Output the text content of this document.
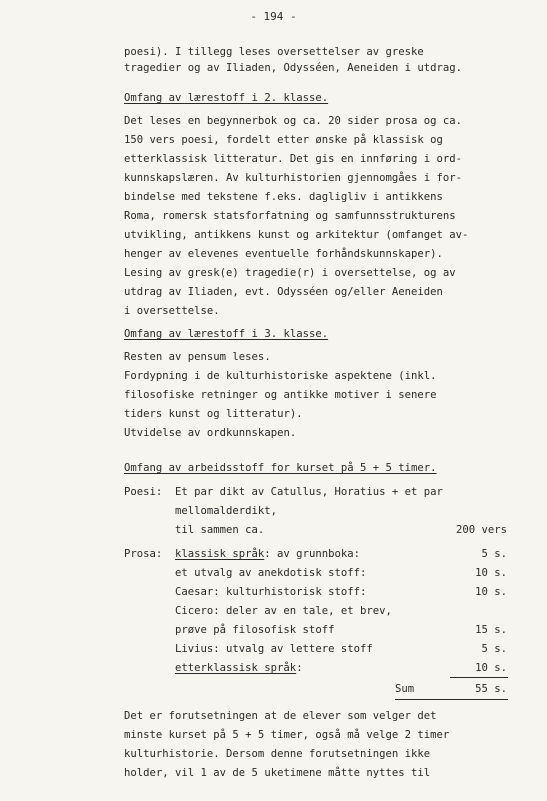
- 194 -
poesi). I tillegg leses oversettelser av greske
tragedier og av Iliaden, Odysséen, Aeneiden i utdrag.
Omfang av lærestoff i 2. klasse.
Det leses en begynnerbok og ca. 20 sider prosa og ca.
150 vers poesi, fordelt etter ønske på klassisk og
etterklassisk litteratur. Det gis en innføring i ord-
kunnskapslæren. Av kulturhistorien gjennomgåes i for-
bindelse med tekstene f.eks. dagligliv i antikkens
Roma, romersk statsforfatning og samfunnsstrukturens
utvikling, antikkens kunst og arkitektur (omfanget av-
henger av elevenes eventuelle forhåndskunnskaper).
Lesing av gresk(e) tragedie(r) i oversettelse, og av
utdrag av Iliaden, evt. Odysséen og/eller Aeneiden
i oversettelse.
Omfang av lærestoff i 3. klasse.
Resten av pensum leses.
Fordypning i de kulturhistoriske aspektene (inkl.
filosofiske retninger og antikke motiver i senere
tiders kunst og litteratur).
Utvidelse av ordkunnskapen.
Omfang av arbeidsstoff for kurset på 5 + 5 timer.
Poesi: Et par dikt av Catullus, Horatius + et par
mellomalderdikt,
til sammen ca.	200 vers
Prosa: klassisk språk: av grunnboka:	5 s.
et utvalg av anekdotisk stoff:	10 s.
Caesar: kulturhistorisk stoff:	10 s.
Cicero: deler av en tale, et brev,
prøve på filosofisk stoff	15 s.
Livius: utvalg av lettere stoff	5 s.
etterklassisk språk:	10 s.
Sum	55 s.
Det er forutsetningen at de elever som velger det
minste kurset på 5 + 5 timer, også må velge 2 timer
kulturhistorie. Dersom denne forutsetningen ikke
holder, vil 1 av de 5 uketimene måtte nyttes til
